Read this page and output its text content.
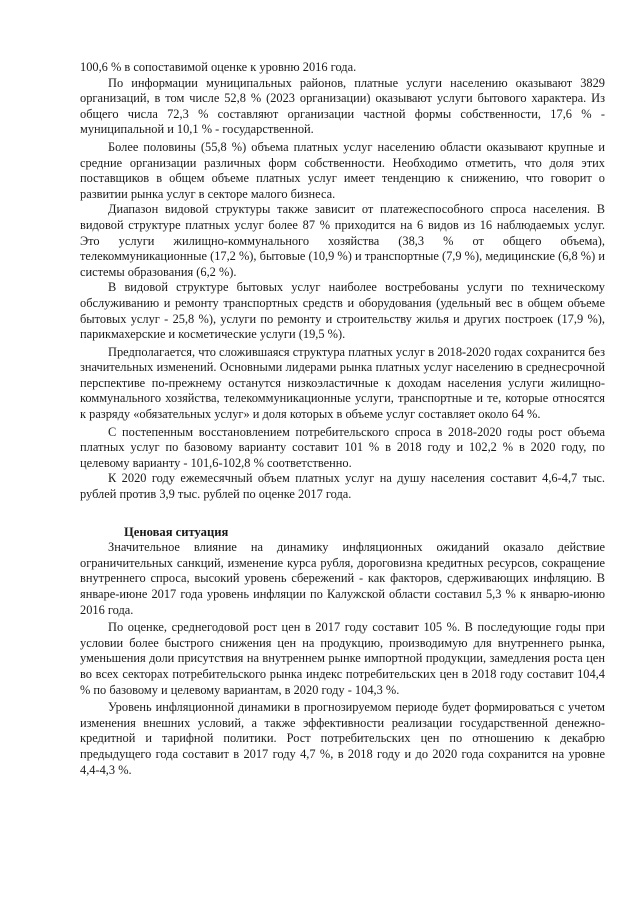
100,6 % в сопоставимой оценке к уровню 2016 года.

По информации муниципальных районов, платные услуги населению оказывают 3829 организаций, в том числе 52,8 % (2023 организации) оказывают услуги бытового характера. Из общего числа 72,3 % составляют организации частной формы собственности, 17,6 % - муниципальной и 10,1 % - государственной.

Более половины (55,8 %) объема платных услуг населению области оказывают крупные и средние организации различных форм собственности. Необходимо отметить, что доля этих поставщиков в общем объеме платных услуг имеет тенденцию к снижению, что говорит о развитии рынка услуг в секторе малого бизнеса.

Диапазон видовой структуры также зависит от платежеспособного спроса населения. В видовой структуре платных услуг более 87 % приходится на 6 видов из 16 наблюдаемых услуг. Это услуги жилищно-коммунального хозяйства (38,3 % от общего объема), телекоммуникационные (17,2 %), бытовые (10,9 %) и транспортные (7,9 %), медицинские (6,8 %) и системы образования (6,2 %).

В видовой структуре бытовых услуг наиболее востребованы услуги по техническому обслуживанию и ремонту транспортных средств и оборудования (удельный вес в общем объеме бытовых услуг - 25,8 %), услуги по ремонту и строительству жилья и других построек (17,9 %), парикмахерские и косметические услуги (19,5 %).

Предполагается, что сложившаяся структура платных услуг в 2018-2020 годах сохранится без значительных изменений. Основными лидерами рынка платных услуг населению в среднесрочной перспективе по-прежнему останутся низкоэластичные к доходам населения услуги жилищно-коммунального хозяйства, телекоммуникационные услуги, транспортные и те, которые относятся к разряду «обязательных услуг» и доля которых в объеме услуг составляет около 64 %.

С постепенным восстановлением потребительского спроса в 2018-2020 годы рост объема платных услуг по базовому варианту составит 101 % в 2018 году и 102,2 % в 2020 году, по целевому варианту - 101,6-102,8 % соответственно.

К 2020 году ежемесячный объем платных услуг на душу населения составит 4,6-4,7 тыс. рублей против 3,9 тыс. рублей по оценке 2017 года.

Ценовая ситуация

Значительное влияние на динамику инфляционных ожиданий оказало действие ограничительных санкций, изменение курса рубля, дороговизна кредитных ресурсов, сокращение внутреннего спроса, высокий уровень сбережений - как факторов, сдерживающих инфляцию. В январе-июне 2017 года уровень инфляции по Калужской области составил 5,3 % к январю-июню 2016 года.

По оценке, среднегодовой рост цен в 2017 году составит 105 %. В последующие годы при условии более быстрого снижения цен на продукцию, производимую для внутреннего рынка, уменьшения доли присутствия на внутреннем рынке импортной продукции, замедления роста цен во всех секторах потребительского рынка индекс потребительских цен в 2018 году составит 104,4 % по базовому и целевому вариантам, в 2020 году - 104,3 %.

Уровень инфляционной динамики в прогнозируемом периоде будет формироваться с учетом изменения внешних условий, а также эффективности реализации государственной денежно-кредитной и тарифной политики. Рост потребительских цен по отношению к декабрю предыдущего года составит в 2017 году 4,7 %, в 2018 году и до 2020 года сохранится на уровне 4,4-4,3 %.
